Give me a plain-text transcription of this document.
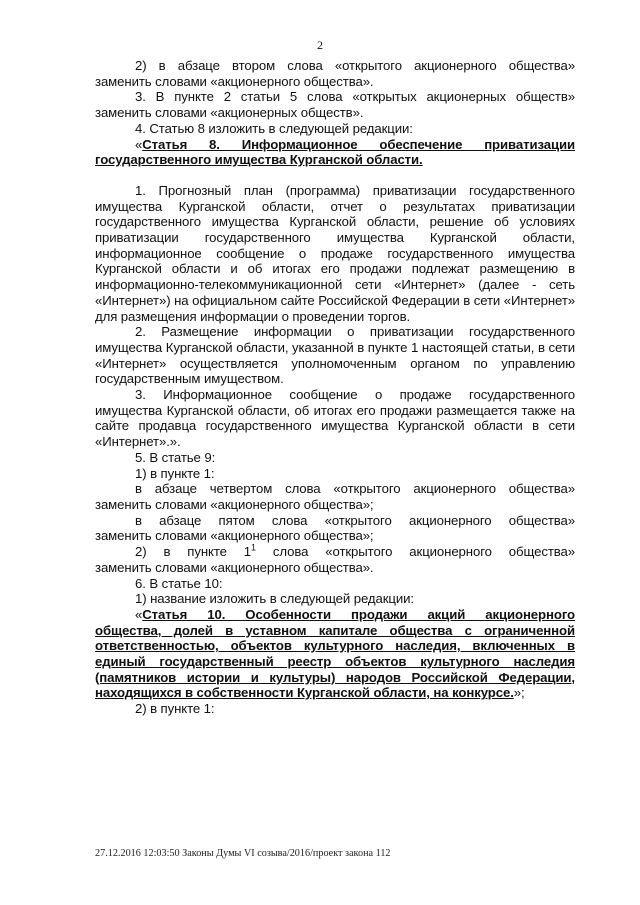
2

2) в абзаце втором слова «открытого акционерного общества»

заменить словами «акционерного общества».

3. В пункте 2 статьи 5 слова «открытых акционерных обществ»

заменить словами «акционерных обществ».

4. Статью 8 изложить в следующей редакции:

«Статья 8. Информационное обеспечение приватизации

государственного имущества Курганской области.

1. Прогнозный план (программа) приватизации государственного имущества Курганской области, отчет о результатах приватизации государственного имущества Курганской области, решение об условиях приватизации государственного имущества Курганской области, информационное сообщение о продаже государственного имущества Курганской области и об итогах его продажи подлежат размещению в информационно-телекоммуникационной сети «Интернет» (далее - сеть «Интернет») на официальном сайте Российской Федерации в сети «Интернет» для размещения информации о проведении торгов.

2. Размещение информации о приватизации государственного имущества Курганской области, указанной в пункте 1 настоящей статьи, в сети «Интернет» осуществляется уполномоченным органом по управлению государственным имуществом.

3. Информационное сообщение о продаже государственного имущества Курганской области, об итогах его продажи размещается также на сайте продавца государственного имущества Курганской области в сети «Интернет».».

5. В статье 9:

1) в пункте 1:

в абзаце четвертом слова «открытого акционерного общества»

заменить словами «акционерного общества»;

в абзаце пятом слова «открытого акционерного общества»

заменить словами «акционерного общества»;

2) в пункте $1^1$ слова «открытого акционерного общества»

заменить словами «акционерного общества».

6. В статье 10:

1) название изложить в следующей редакции:

«Статья 10. Особенности продажи акций акционерного

общества, долей в уставном капитале общества с ограниченной ответственностью, объектов культурного наследия, включенных в единый государственный реестр объектов культурного наследия (памятников истории и культуры) народов Российской Федерации, находящихся в собственности Курганской области, на конкурсе.»;

2) в пункте 1:

27.12.2016 12:03:50 Законы Думы VI созыва/2016/проект закона 112
